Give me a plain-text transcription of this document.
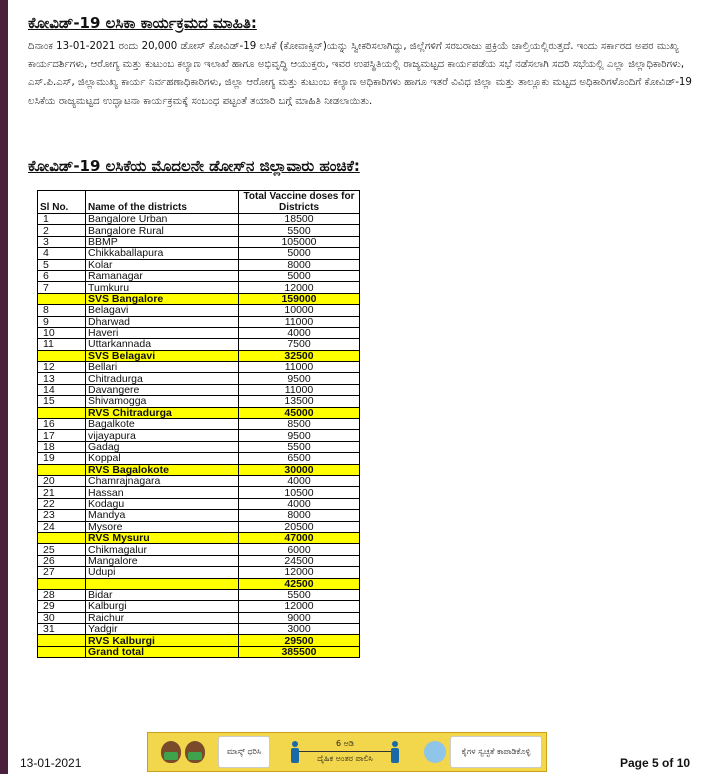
ಕೋವಿಡ್‌-19 ಲಸಿಕಾ ಕಾರ್ಯಕ್ರಮದ ಮಾಹಿತಿ:
ದಿನಾಂಕ 13-01-2021 ರಂದು 20,000 ಡೋಸ್ ಕೋವಿಡ್-19 ಲಸಿಕೆ (ಕೋವಾಕ್ಸಿನ್)ಯನ್ನು ಸ್ವೀಕರಿಸಲಾಗಿದ್ದು, ಜಿಲ್ಲೆಗಳಿಗೆ ಸರಬರಾಜು ಪ್ರಕ್ರಿಯೆ ಚಾಲ್ತಿಯಲ್ಲಿರುತ್ತದೆ. ಇಂದು ಸರ್ಕಾರದ ಅಪರ ಮುಖ್ಯ ಕಾರ್ಯದರ್ಶಿಗಳು, ಆರೋಗ್ಯ ಮತ್ತು ಕುಟುಂಬ ಕಲ್ಯಾಣ ಇಲಾಖೆ ಹಾಗೂ ಅಭಿವೃದ್ಧಿ ಆಯುಕ್ತರು, ಇವರ ಉಪಸ್ಥಿತಿಯಲ್ಲಿ ರಾಜ್ಯಮಟ್ಟದ ಕಾರ್ಯಪಡೆಯ ಸಭೆ ನಡೆಸಲಾಗಿ ಸದರಿ ಸಭೆಯಲ್ಲಿ ಎಲ್ಲಾ ಜಿಲ್ಲಾಧಿಕಾರಿಗಳು, ಎಸ್.ಪಿ.ಎಸ್, ಜಿಲ್ಲಾಮುಖ್ಯ ಕಾರ್ಯ ನಿರ್ವಹಣಾಧಿಕಾರಿಗಳು, ಜಿಲ್ಲಾ ಆರೋಗ್ಯ ಮತ್ತು ಕುಟುಂಬ ಕಲ್ಯಾಣ ಅಧಿಕಾರಿಗಳು ಹಾಗೂ ಇತರೆ ವಿವಿಧ ಜಿಲ್ಲಾ ಮತ್ತು ತಾಲ್ಲೂಕು ಮಟ್ಟದ ಅಧಿಕಾರಿಗಳೊಂದಿಗೆ ಕೋವಿಡ್-19 ಲಸಿಕೆಯ ರಾಜ್ಯಮಟ್ಟದ ಉದ್ಘಾಟನಾ ಕಾರ್ಯಕ್ರಮಕ್ಕೆ ಸಂಬಂಧ ಪಟ್ಟಂತೆ ತಯಾರಿ ಬಗ್ಗೆ ಮಾಹಿತಿ ನೀಡಲಾಯಿತು.
ಕೋವಿಡ್-19 ಲಸಿಕೆಯ ಮೊದಲನೇ ಡೋಸ್‌ನ ಜಿಲ್ಲಾವಾರು ಹಂಚಿಕೆ:
Sl No.	Name of the districts	Total Vaccine doses for Districts
1	Bangalore Urban	18500
2	Bangalore Rural	5500
3	BBMP	105000
4	Chikkaballapura	5000
5	Kolar	8000
6	Ramanagar	5000
7	Tumkuru	12000
	SVS Bangalore	159000
8	Belagavi	10000
9	Dharwad	11000
10	Haveri	4000
11	Uttarkannada	7500
	SVS Belagavi	32500
12	Bellari	11000
13	Chitradurga	9500
14	Davangere	11000
15	Shivamogga	13500
	RVS Chitradurga	45000
16	Bagalkote	8500
17	vijayapura	9500
18	Gadag	5500
19	Koppal	6500
	RVS Bagalokote	30000
20	Chamrajnagara	4000
21	Hassan	10500
22	Kodagu	4000
23	Mandya	8000
24	Mysore	20500
	RVS Mysuru	47000
25	Chikmagalur	6000
26	Mangalore	24500
27	Udupi	12000
		42500
28	Bidar	5500
29	Kalburgi	12000
30	Raichur	9000
31	Yadgir	3000
	RVS Kalburgi	29500
	Grand total	385500
ಮಾಸ್ಕ್ ಧರಿಸಿ
6 ಅಡಿ
ದೈಹಿಕ ಅಂತರ ಪಾಲಿಸಿ
ಕೈಗಳ ಸ್ವಚ್ಛತೆ ಕಾಪಾಡಿಕೊಳ್ಳಿ
13-01-2021	Page 5 of 10
